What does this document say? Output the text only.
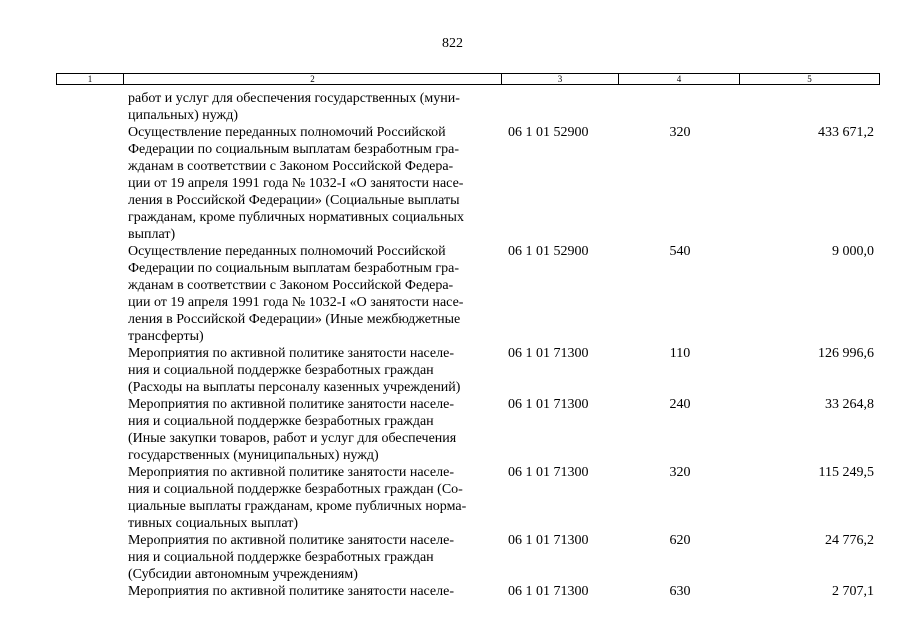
822
1	2	3	4	5
работ и услуг для обеспечения государственных (муни-
ципальных) нужд)
Осуществление переданных полномочий Российской
Федерации по социальным выплатам безработным гра-
жданам в соответствии с Законом Российской Федера-
ции от 19 апреля 1991 года № 1032-I «О занятости насе-
ления в Российской Федерации» (Социальные выплаты
гражданам, кроме публичных нормативных социальных
выплат)
06 1 01 52900	320	433 671,2
Осуществление переданных полномочий Российской
Федерации по социальным выплатам безработным гра-
жданам в соответствии с Законом Российской Федера-
ции от 19 апреля 1991 года № 1032-I «О занятости насе-
ления в Российской Федерации» (Иные межбюджетные
трансферты)
06 1 01 52900	540	9 000,0
Мероприятия по активной политике занятости населе-
ния и социальной поддержке безработных граждан
(Расходы на выплаты персоналу казенных учреждений)
06 1 01 71300	110	126 996,6
Мероприятия по активной политике занятости населе-
ния и социальной поддержке безработных граждан
(Иные закупки товаров, работ и услуг для обеспечения
государственных (муниципальных) нужд)
06 1 01 71300	240	33 264,8
Мероприятия по активной политике занятости населе-
ния и социальной поддержке безработных граждан (Со-
циальные выплаты гражданам, кроме публичных норма-
тивных социальных выплат)
06 1 01 71300	320	115 249,5
Мероприятия по активной политике занятости населе-
ния и социальной поддержке безработных граждан
(Субсидии автономным учреждениям)
06 1 01 71300	620	24 776,2
Мероприятия по активной политике занятости населе-	06 1 01 71300	630	2 707,1
